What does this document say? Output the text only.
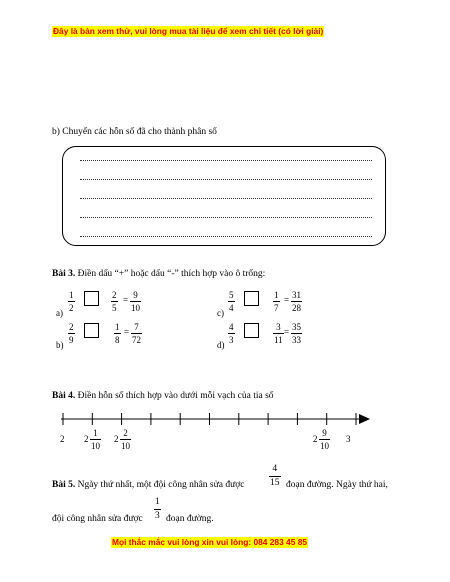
Đây là bản xem thử, vui lòng mua tài liệu để xem chi tiết (có lời giải)
b) Chuyển các hỗn số đã cho thành phân số
Bài 3. Điền dấu “+” hoặc dấu “-” thích hợp vào ô trống:
a)
1
2
2
5
= 9
10	c)
5
4
1
7
= 31
28
b)
2
9
1
8
= 7
72	d)
4
3
3
11
= 35
33
Bài 4. Điền hỗn số thích hợp vào dưới mỗi vạch của tia số
2 2
1
10
2
2
10
2
9
10
3
Bài 5. Ngày thứ nhất, một đội công nhân sửa được
4
15 đoạn đường. Ngày thứ hai,
đội công nhân sửa được
1
3 đoạn đường.
Mọi thắc mắc vui lòng xin vui lòng: 084 283 45 85
